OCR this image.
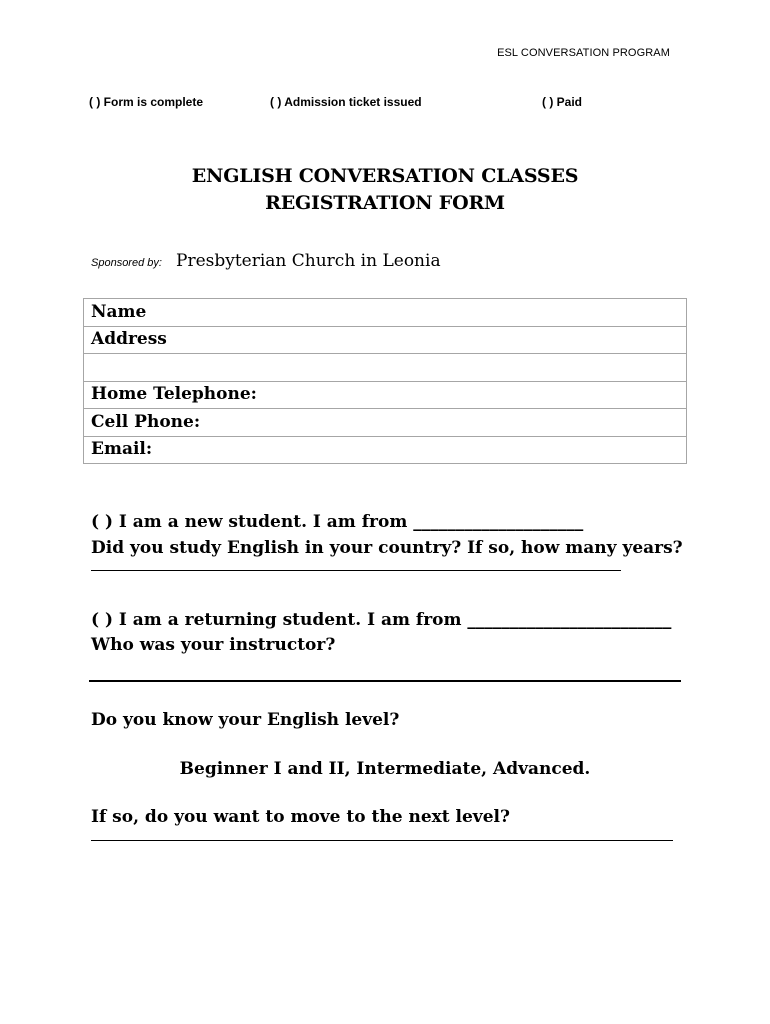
ESL CONVERSATION PROGRAM
( ) Form is complete	( ) Admission ticket issued	( ) Paid
ENGLISH CONVERSATION CLASSES
REGISTRATION FORM
Sponsored by: Presbyterian Church in Leonia
Name
Address

Home Telephone:
Cell Phone:
Email:
( ) I am a new student. I am from ____________________
Did you study English in your country? If so, how many years?
( ) I am a returning student. I am from ________________________
Who was your instructor?
Do you know your English level?
Beginner I and II, Intermediate, Advanced.
If so, do you want to move to the next level?
